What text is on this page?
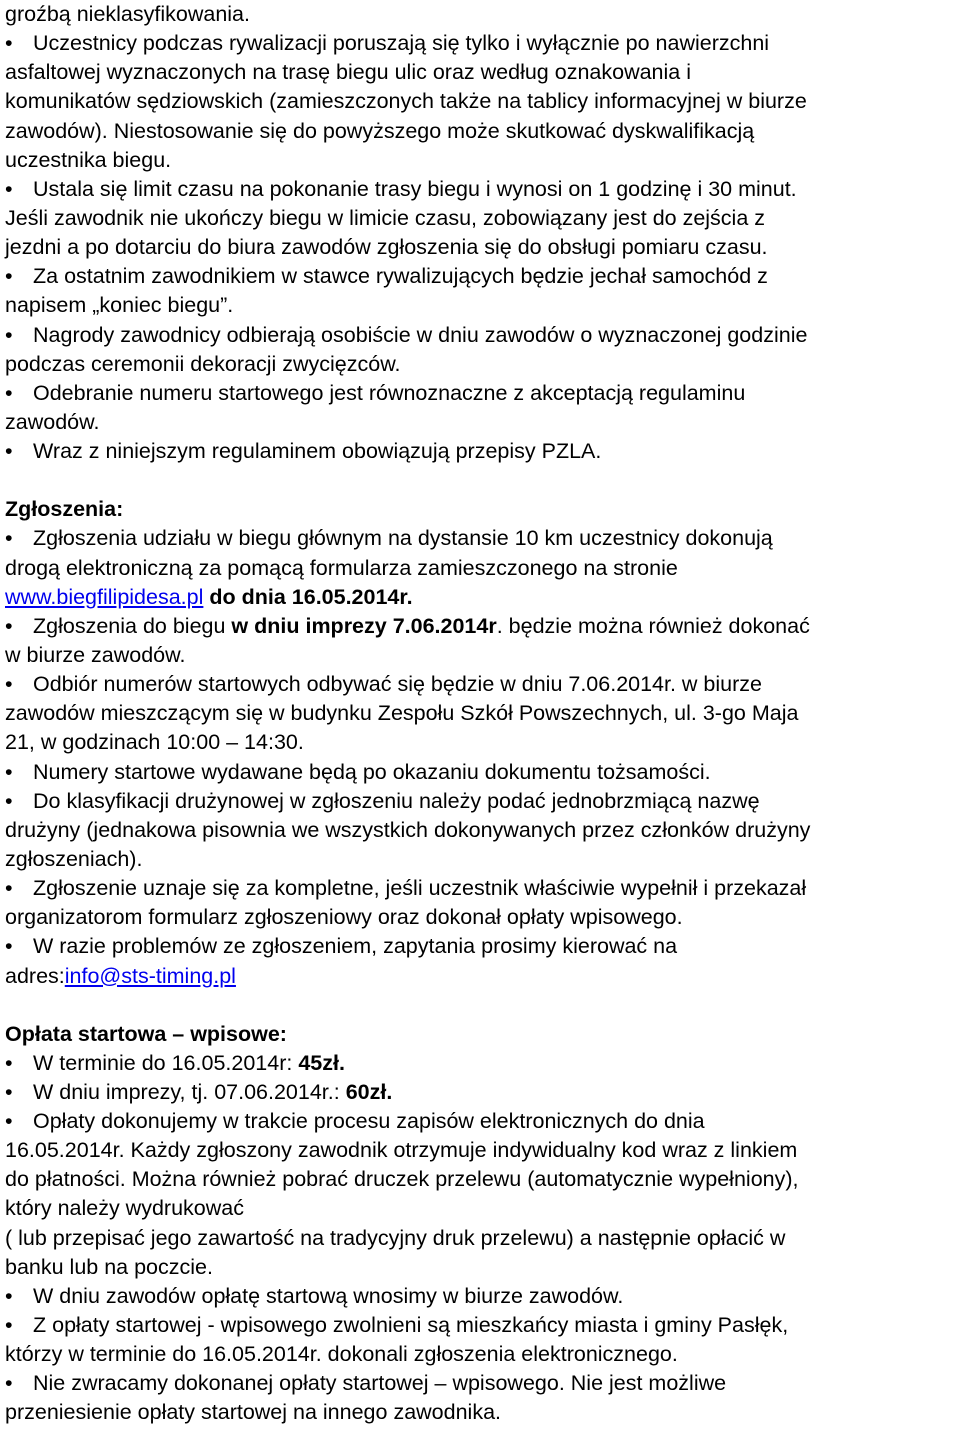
groźbą nieklasyfikowania.
• Uczestnicy podczas rywalizacji poruszają się tylko i wyłącznie po nawierzchni
asfaltowej wyznaczonych na trasę biegu ulic oraz według oznakowania i
komunikatów sędziowskich (zamieszczonych także na tablicy informacyjnej w biurze
zawodów). Niestosowanie się do powyższego może skutkować dyskwalifikacją
uczestnika biegu.
• Ustala się limit czasu na pokonanie trasy biegu i wynosi on 1 godzinę i 30 minut.
Jeśli zawodnik nie ukończy biegu w limicie czasu, zobowiązany jest do zejścia z
jezdni a po dotarciu do biura zawodów zgłoszenia się do obsługi pomiaru czasu.
• Za ostatnim zawodnikiem w stawce rywalizujących będzie jechał samochód z
napisem „koniec biegu”.
• Nagrody zawodnicy odbierają osobiście w dniu zawodów o wyznaczonej godzinie
podczas ceremonii dekoracji zwycięzców.
• Odebranie numeru startowego jest równoznaczne z akceptacją regulaminu
zawodów.
• Wraz z niniejszym regulaminem obowiązują przepisy PZLA.
Zgłoszenia:
• Zgłoszenia udziału w biegu głównym na dystansie 10 km uczestnicy dokonują
drogą elektroniczną za pomącą formularza zamieszczonego na stronie
www.biegfilipidesa.pl do dnia 16.05.2014r.
• Zgłoszenia do biegu w dniu imprezy 7.06.2014r. będzie można również dokonać
w biurze zawodów.
• Odbiór numerów startowych odbywać się będzie w dniu 7.06.2014r. w biurze
zawodów mieszczącym się w budynku Zespołu Szkół Powszechnych, ul. 3-go Maja
21, w godzinach 10:00 – 14:30.
• Numery startowe wydawane będą po okazaniu dokumentu tożsamości.
• Do klasyfikacji drużynowej w zgłoszeniu należy podać jednobrzmiącą nazwę
drużyny (jednakowa pisownia we wszystkich dokonywanych przez członków drużyny
zgłoszeniach).
• Zgłoszenie uznaje się za kompletne, jeśli uczestnik właściwie wypełnił i przekazał
organizatorom formularz zgłoszeniowy oraz dokonał opłaty wpisowego.
• W razie problemów ze zgłoszeniem, zapytania prosimy kierować na
adres:info@sts-timing.pl
Opłata startowa – wpisowe:
• W terminie do 16.05.2014r: 45zł.
• W dniu imprezy, tj. 07.06.2014r.: 60zł.
• Opłaty dokonujemy w trakcie procesu zapisów elektronicznych do dnia
16.05.2014r. Każdy zgłoszony zawodnik otrzymuje indywidualny kod wraz z linkiem
do płatności. Można również pobrać druczek przelewu (automatycznie wypełniony),
który należy wydrukować
( lub przepisać jego zawartość na tradycyjny druk przelewu) a następnie opłacić w
banku lub na poczcie.
• W dniu zawodów opłatę startową wnosimy w biurze zawodów.
• Z opłaty startowej - wpisowego zwolnieni są mieszkańcy miasta i gminy Pasłęk,
którzy w terminie do 16.05.2014r. dokonali zgłoszenia elektronicznego.
• Nie zwracamy dokonanej opłaty startowej – wpisowego. Nie jest możliwe
przeniesienie opłaty startowej na innego zawodnika.
